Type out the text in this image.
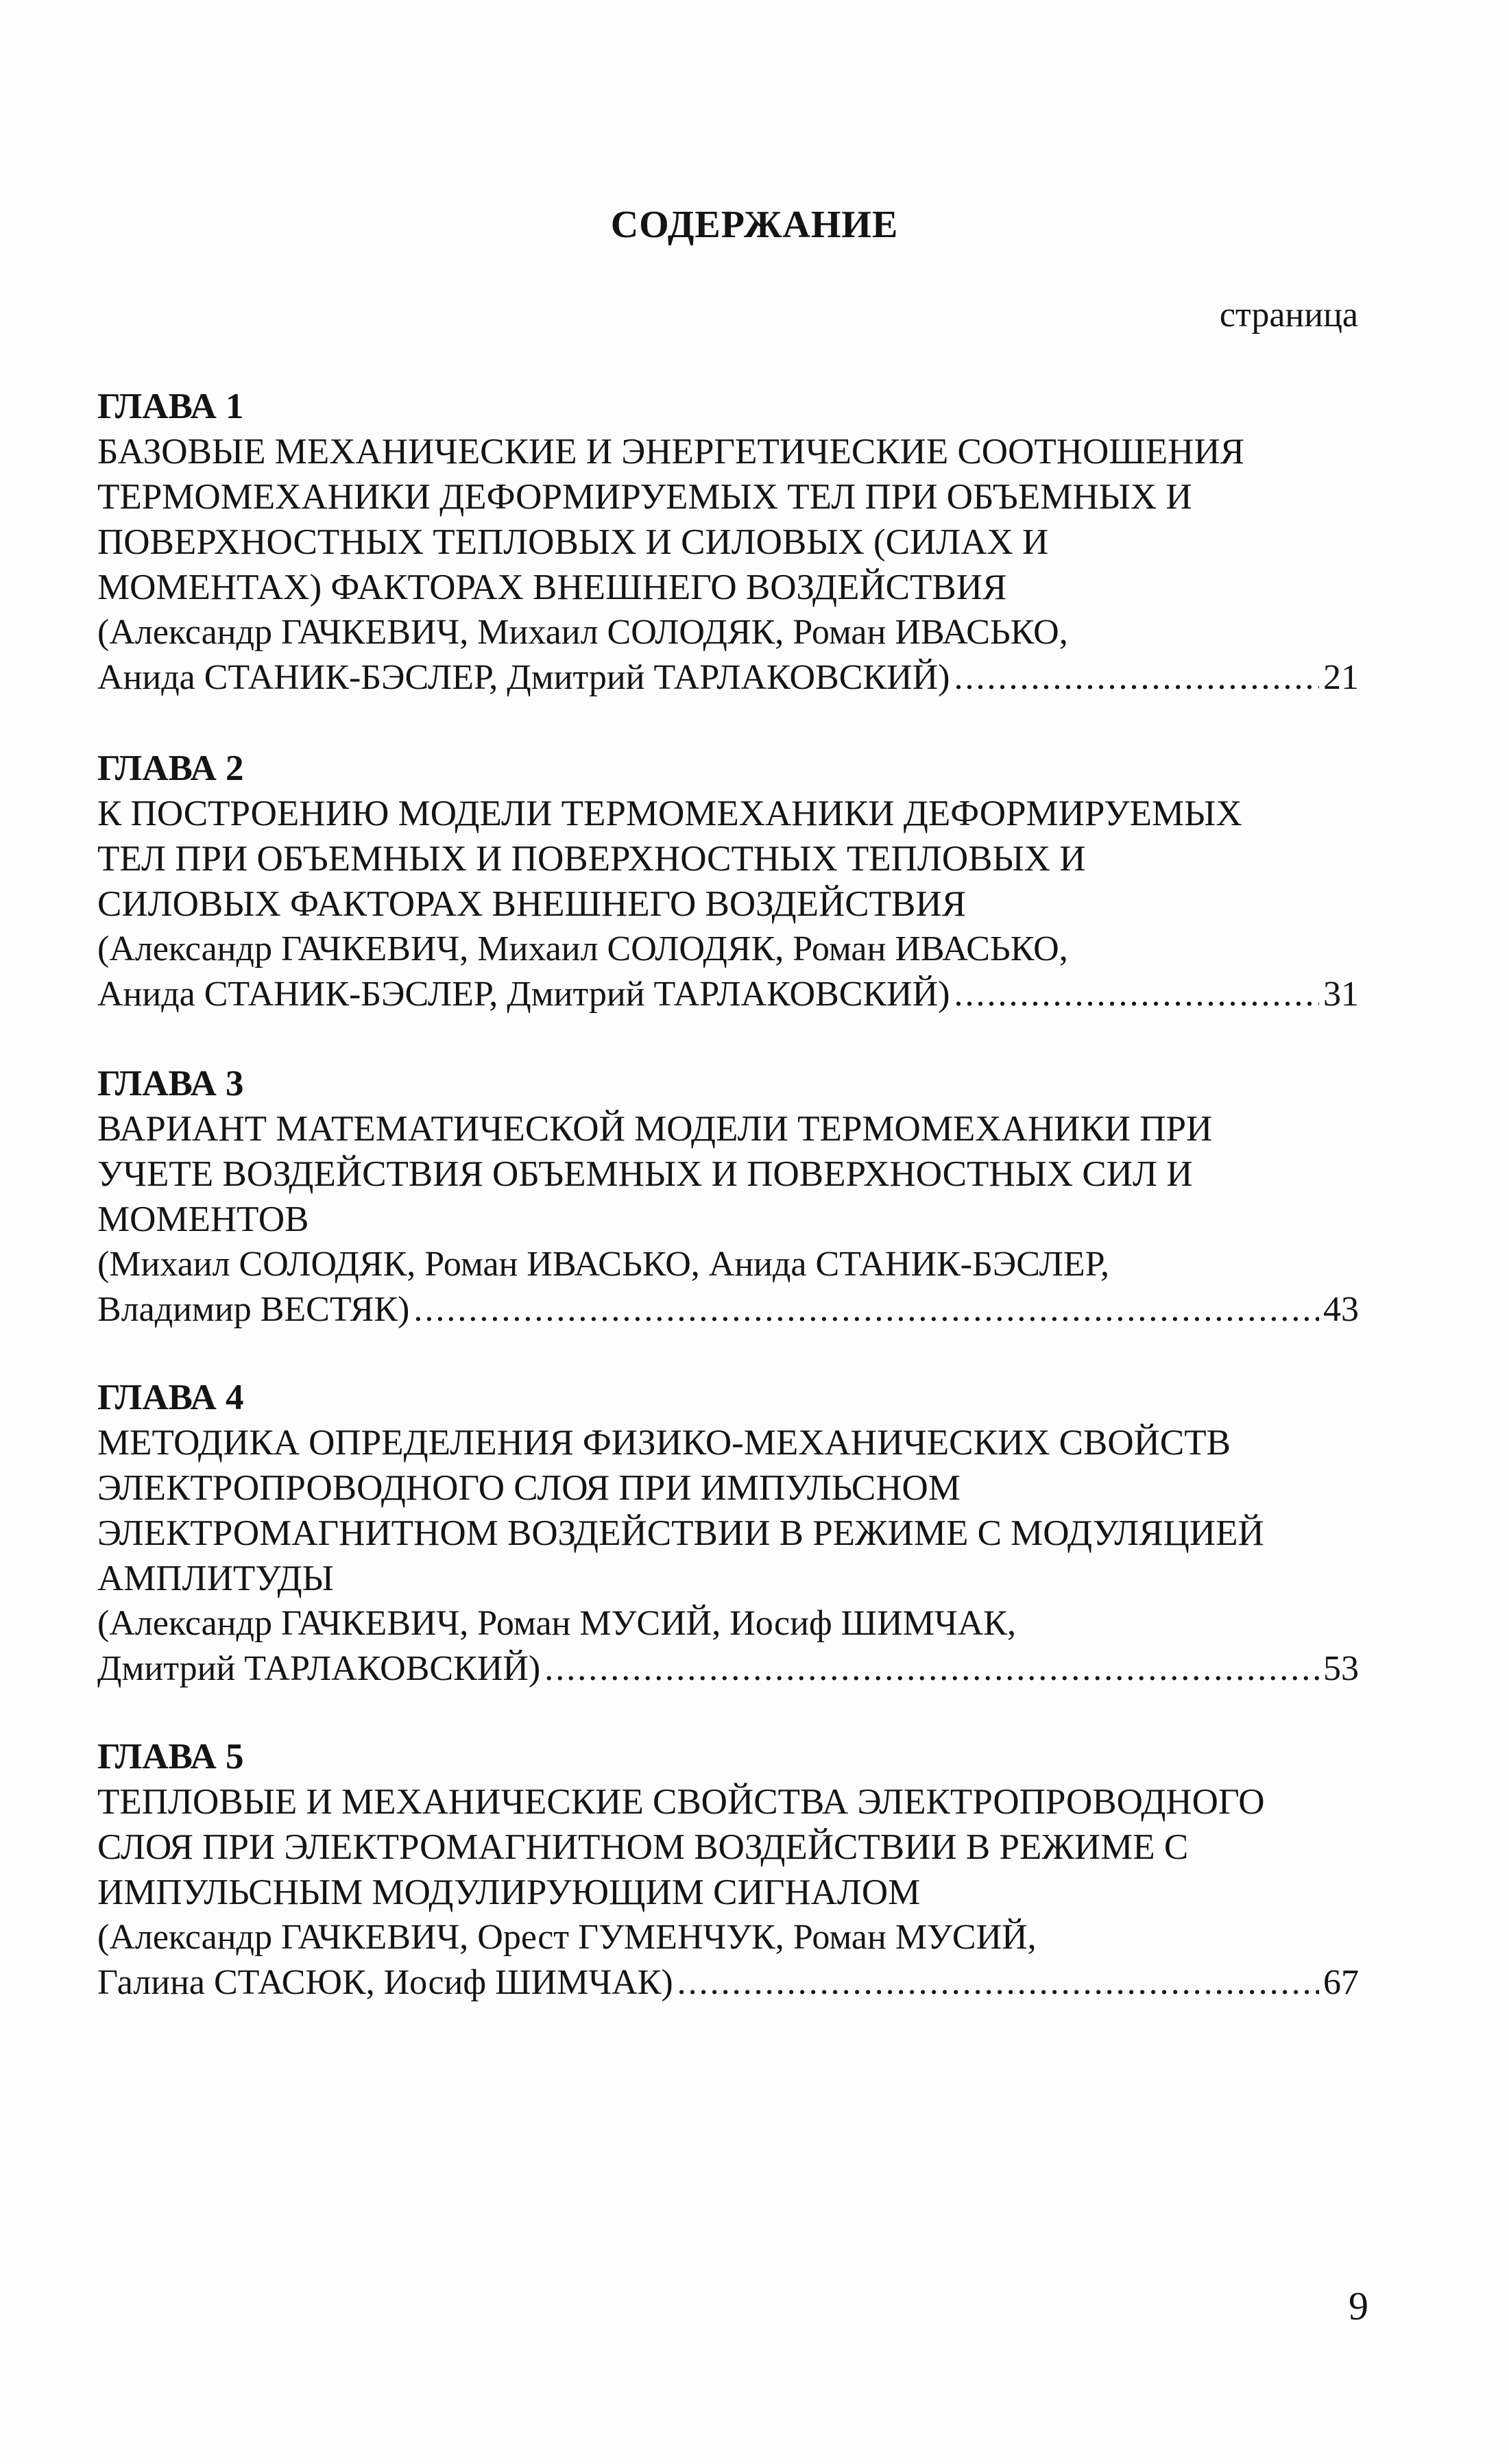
СОДЕРЖАНИЕ
страница

ГЛАВА 1

БАЗОВЫЕ МЕХАНИЧЕСКИЕ И ЭНЕРГЕТИЧЕСКИЕ СООТНОШЕНИЯ

ТЕРМОМЕХАНИКИ ДЕФОРМИРУЕМЫХ ТЕЛ ПРИ ОБЪЕМНЫХ И

ПОВЕРХНОСТНЫХ ТЕПЛОВЫХ И СИЛОВЫХ (СИЛАХ И

МОМЕНТАХ) ФАКТОРАХ ВНЕШНЕГО ВОЗДЕЙСТВИЯ

(Александр ГАЧКЕВИЧ, Михаил СОЛОДЯК, Роман ИВАСЬКО,

Анида СТАНИК-БЭСЛЕР, Дмитрий ТАРЛАКОВСКИЙ) .....	21

ГЛАВА 2

К ПОСТРОЕНИЮ МОДЕЛИ ТЕРМОМЕХАНИКИ ДЕФОРМИРУЕМЫХ

ТЕЛ ПРИ ОБЪЕМНЫХ И ПОВЕРХНОСТНЫХ ТЕПЛОВЫХ И

СИЛОВЫХ ФАКТОРАХ ВНЕШНЕГО ВОЗДЕЙСТВИЯ

(Александр ГАЧКЕВИЧ, Михаил СОЛОДЯК, Роман ИВАСЬКО,

Анида СТАНИК-БЭСЛЕР, Дмитрий ТАРЛАКОВСКИЙ) .....	31

ГЛАВА 3

ВАРИАНТ МАТЕМАТИЧЕСКОЙ МОДЕЛИ ТЕРМОМЕХАНИКИ ПРИ

УЧЕТЕ ВОЗДЕЙСТВИЯ ОБЪЕМНЫХ И ПОВЕРХНОСТНЫХ СИЛ И

МОМЕНТОВ

(Михаил СОЛОДЯК, Роман ИВАСЬКО, Анида СТАНИК-БЭСЛЕР,

Владимир ВЕСТЯК) .....	43

ГЛАВА 4

МЕТОДИКА ОПРЕДЕЛЕНИЯ ФИЗИКО-МЕХАНИЧЕСКИХ СВОЙСТВ

ЭЛЕКТРОПРОВОДНОГО СЛОЯ ПРИ ИМПУЛЬСНОМ

ЭЛЕКТРОМАГНИТНОМ ВОЗДЕЙСТВИИ В РЕЖИМЕ С МОДУЛЯЦИЕЙ

АМПЛИТУДЫ

(Александр ГАЧКЕВИЧ, Роман МУСИЙ, Иосиф ШИМЧАК,

Дмитрий ТАРЛАКОВСКИЙ) .....	53

ГЛАВА 5

ТЕПЛОВЫЕ И МЕХАНИЧЕСКИЕ СВОЙСТВА ЭЛЕКТРОПРОВОДНОГО

СЛОЯ ПРИ ЭЛЕКТРОМАГНИТНОМ ВОЗДЕЙСТВИИ В РЕЖИМЕ С

ИМПУЛЬСНЫМ МОДУЛИРУЮЩИМ СИГНАЛОМ

(Александр ГАЧКЕВИЧ, Орест ГУМЕНЧУК, Роман МУСИЙ,

Галина СТАСЮК, Иосиф ШИМЧАК) .....	67
9
